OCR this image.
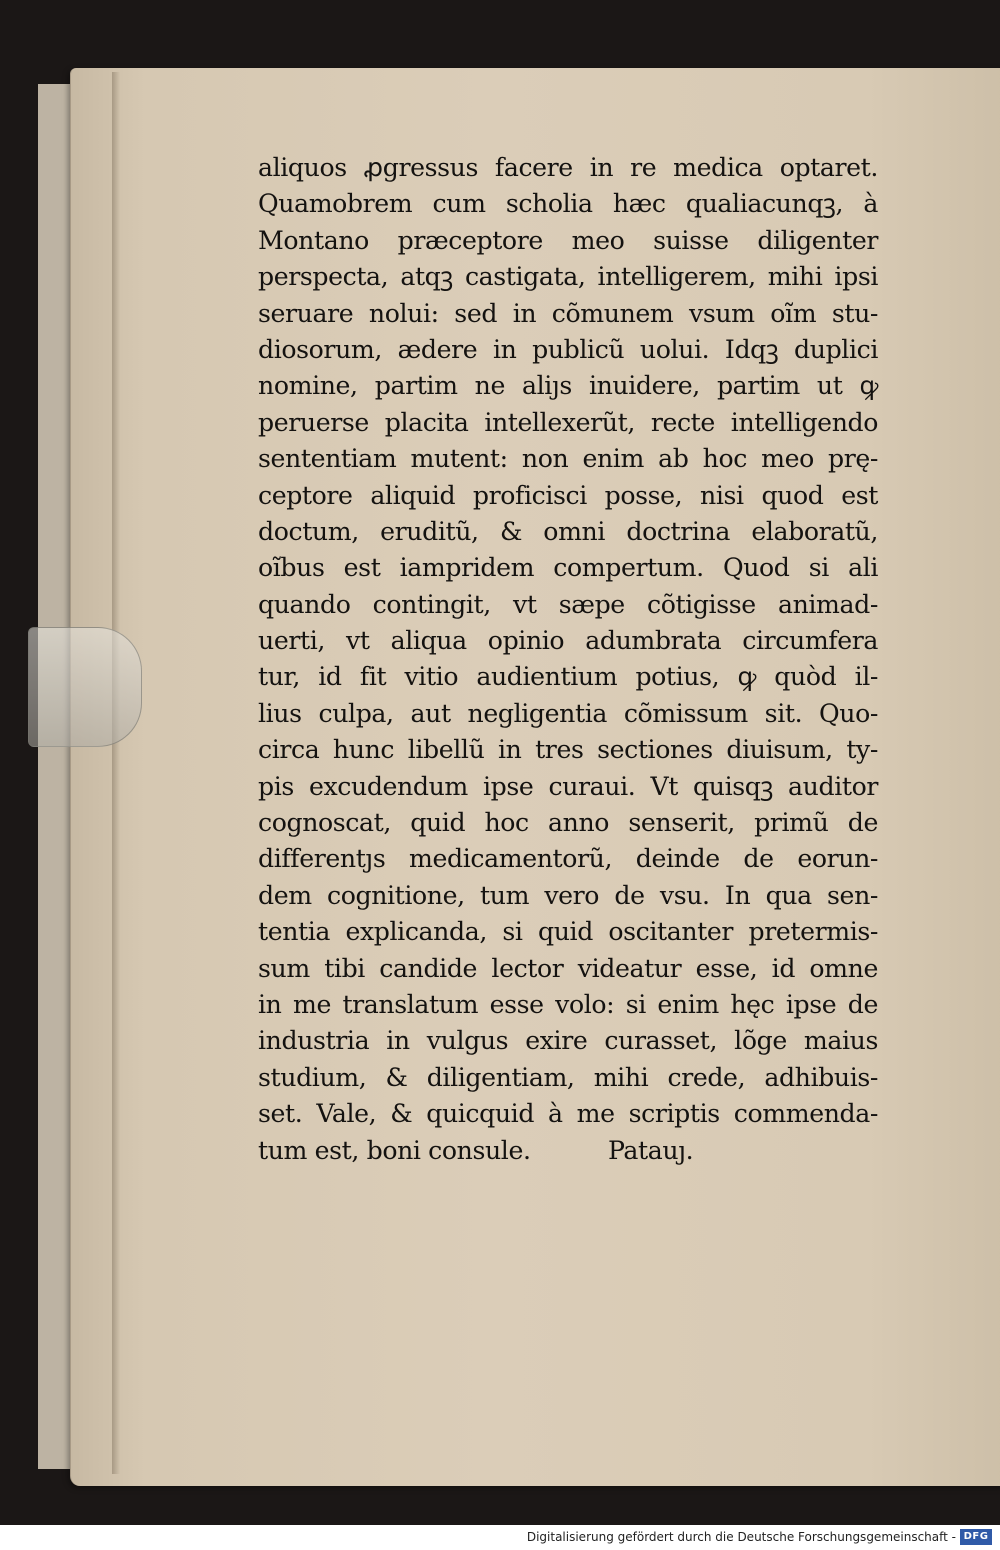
aliquos ꝓgressus facere in re medica optaret.
Quamobrem cum scholia hæc qualiacunqꝫ, à
Montano præceptore meo suisse diligenter
perspecta, atqꝫ castigata, intelligerem, mihi ipsi
seruare nolui: sed in cõmunem vsum oĩm stu-
diosorum, ædere in publicũ uolui. Idqꝫ duplici
nomine, partim ne aliȷs inuidere, partim ut ꝙ
peruerse placita intellexerũt, recte intelligendo
sententiam mutent: non enim ab hoc meo prę-
ceptore aliquid proficisci posse, nisi quod est
doctum, eruditũ, & omni doctrina elaboratũ,
oĩbus est iampridem compertum. Quod si ali
quando contingit, vt sæpe cõtigisse animad-
uerti, vt aliqua opinio adumbrata circumfera
tur, id fit vitio audientium potius, ꝙ quòd il-
lius culpa, aut negligentia cõmissum sit. Quo-
circa hunc libellũ in tres sectiones diuisum, ty-
pis excudendum ipse curaui. Vt quisqꝫ auditor
cognoscat, quid hoc anno senserit, primũ de
differentȷs medicamentorũ, deinde de eorun-
dem cognitione, tum vero de vsu. In qua sen-
tentia explicanda, si quid oscitanter pretermis-
sum tibi candide lector videatur esse, id omne
in me translatum esse volo: si enim hęc ipse de
industria in vulgus exire curasset, lõge maius
studium, & diligentiam, mihi crede, adhibuis-
set. Vale, & quicquid à me scriptis commenda-
tum est, boni consule.	Patauȷ.
Digitalisierung gefördert durch die Deutsche Forschungsgemeinschaft - DFG
